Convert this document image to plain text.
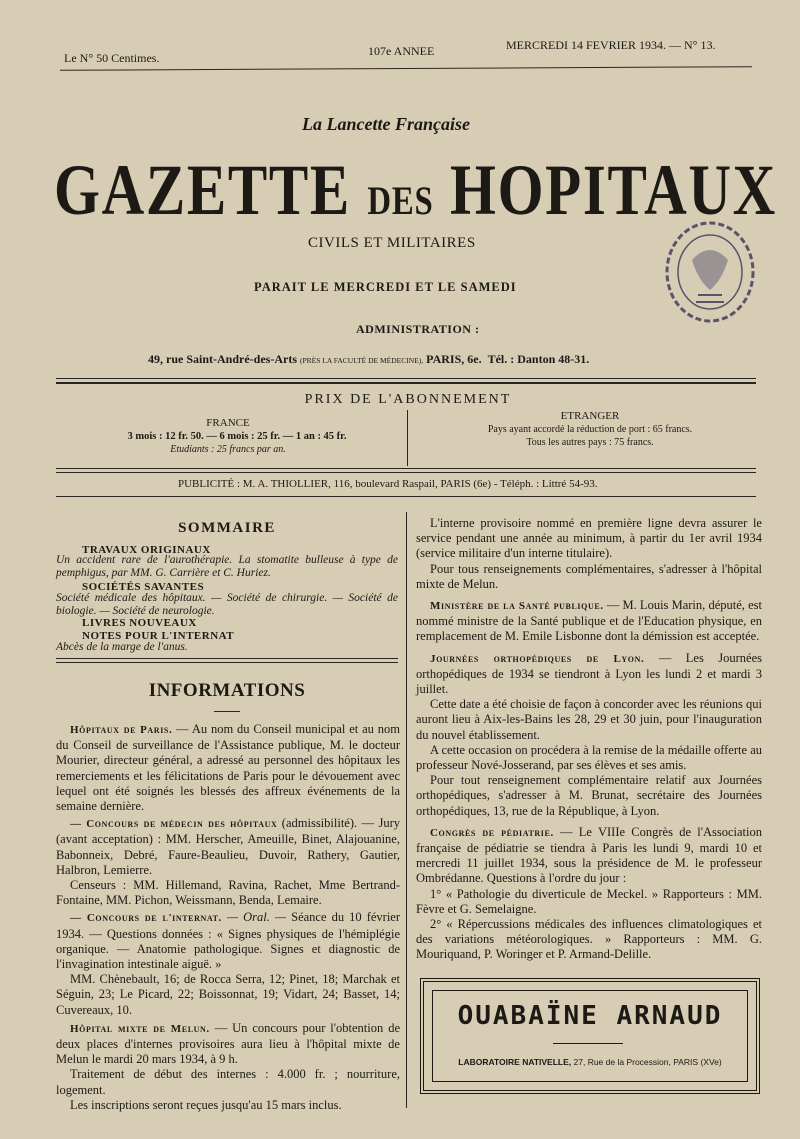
Le N° 50 Centimes.	107e ANNEE	MERCREDI 14 FEVRIER 1934. — N° 13.
La Lancette Française
GAZETTE DES HOPITAUX
CIVILS ET MILITAIRES
PARAIT LE MERCREDI ET LE SAMEDI
ADMINISTRATION :
49, rue Saint-André-des-Arts (PRÈS LA FACULTÉ DE MÉDECINE), PARIS, 6e. Tél. : Danton 48-31.
PRIX DE L'ABONNEMENT
FRANCE
3 mois : 12 fr. 50. — 6 mois : 25 fr. — 1 an : 45 fr.
Etudiants : 25 francs par an.
ETRANGER
Pays ayant accordé la réduction de port : 65 francs.
Tous les autres pays : 75 francs.
PUBLICITÉ : M. A. THIOLLIER, 116, boulevard Raspail, PARIS (6e) - Téléph. : Littré 54-93.
SOMMAIRE
TRAVAUX ORIGINAUX
Un accident rare de l'aurothérapie. La stomatite bulleuse à type de pemphigus, par MM. G. Carrière et C. Huriez.
SOCIÉTÉS SAVANTES
Société médicale des hôpitaux. — Société de chirurgie. — Société de biologie. — Société de neurologie.
LIVRES NOUVEAUX
NOTES POUR L'INTERNAT
Abcès de la marge de l'anus.
INFORMATIONS

Hôpitaux de Paris. — Au nom du Conseil municipal et au nom du Conseil de surveillance de l'Assistance publique, M. le docteur Mourier, directeur général, a adressé au personnel des hôpitaux les remerciements et les félicitations de Paris pour le dévouement avec lequel ont été soignés les blessés des affreux événements de la semaine dernière.

— Concours de médecin des hôpitaux (admissibilité). — Jury (avant acceptation) : MM. Herscher, Ameuille, Binet, Alajouanine, Babonneix, Debré, Faure-Beaulieu, Duvoir, Rathery, Gautier, Halbron, Lemierre.

Censeurs : MM. Hillemand, Ravina, Rachet, Mme Bertrand-Fontaine, MM. Pichon, Weissmann, Benda, Lemaire.

— Concours de l'internat. — Oral. — Séance du 10 février 1934. — Questions données : « Signes physiques de l'hémiplégie organique. — Anatomie pathologique. Signes et diagnostic de l'invagination intestinale aiguë. »

MM. Chènebault, 16; de Rocca Serra, 12; Pinet, 18; Marchak et Séguin, 23; Le Picard, 22; Boissonnat, 19; Vidart, 24; Basset, 14; Cuvereaux, 10.

Hôpital mixte de Melun. — Un concours pour l'obtention de deux places d'internes provisoires aura lieu à l'hôpital mixte de Melun le mardi 20 mars 1934, à 9 h.

Traitement de début des internes : 4.000 fr. ; nourriture, logement.

Les inscriptions seront reçues jusqu'au 15 mars inclus.

L'interne provisoire nommé en première ligne devra assurer le service pendant une année au minimum, à partir du 1er avril 1934 (service militaire d'un interne titulaire).

Pour tous renseignements complémentaires, s'adresser à l'hôpital mixte de Melun.

Ministère de la Santé publique. — M. Louis Marin, député, est nommé ministre de la Santé publique et de l'Education physique, en remplacement de M. Emile Lisbonne dont la démission est acceptée.

Journées orthopédiques de Lyon. — Les Journées orthopédiques de 1934 se tiendront à Lyon les lundi 2 et mardi 3 juillet.

Cette date a été choisie de façon à concorder avec les réunions qui auront lieu à Aix-les-Bains les 28, 29 et 30 juin, pour l'inauguration du nouvel établissement.

A cette occasion on procédera à la remise de la médaille offerte au professeur Nové-Josserand, par ses élèves et ses amis.

Pour tout renseignement complémentaire relatif aux Journées orthopédiques, s'adresser à M. Brunat, secrétaire des Journées orthopédiques, 13, rue de la République, à Lyon.

Congrès de pédiatrie. — Le VIIIe Congrès de l'Association française de pédiatrie se tiendra à Paris les lundi 9, mardi 10 et mercredi 11 juillet 1934, sous la présidence de M. le professeur Ombrédanne. Questions à l'ordre du jour :

1° « Pathologie du diverticule de Meckel. » Rapporteurs : MM. Fèvre et G. Semelaigne.

2° « Répercussions médicales des influences climatologiques et des variations météorologiques. » Rapporteurs : MM. G. Mouriquand, P. Woringer et P. Armand-Delille.

OUABAÏNE ARNAUD
LABORATOIRE NATIVELLE, 27, Rue de la Procession, PARIS (XVe)
